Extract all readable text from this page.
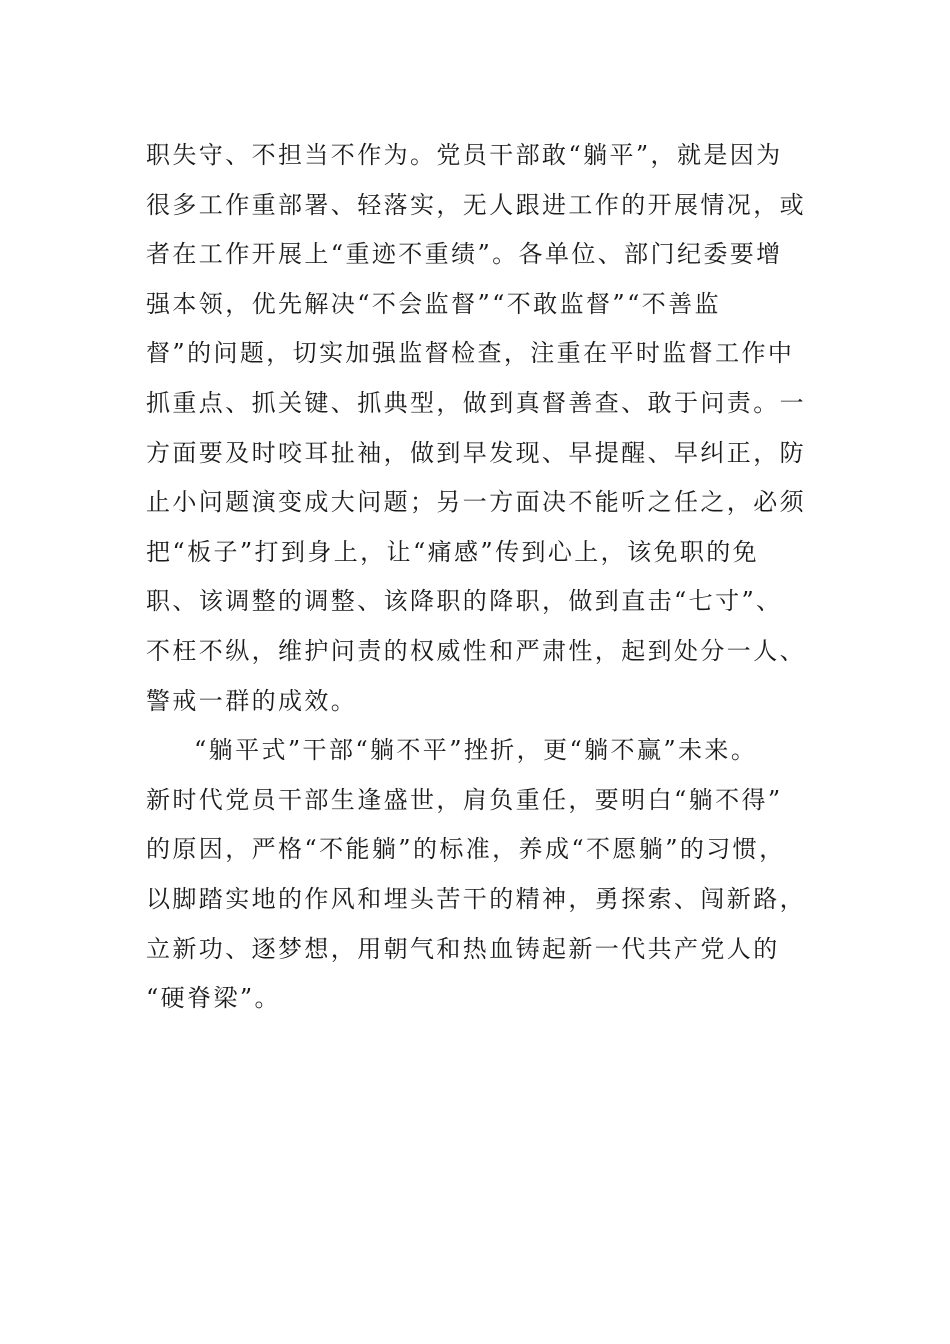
职失守、不担当不作为。党员干部敢“躺平”，就是因为
很多工作重部署、轻落实，无人跟进工作的开展情况，或
者在工作开展上“重迹不重绩”。各单位、部门纪委要增
强本领，优先解决“不会监督”“不敢监督”“不善监
督”的问题，切实加强监督检查，注重在平时监督工作中
抓重点、抓关键、抓典型，做到真督善查、敢于问责。一
方面要及时咬耳扯袖，做到早发现、早提醒、早纠正，防
止小问题演变成大问题；另一方面决不能听之任之，必须
把“板子”打到身上，让“痛感”传到心上，该免职的免
职、该调整的调整、该降职的降职，做到直击“七寸”、
不枉不纵，维护问责的权威性和严肃性，起到处分一人、
警戒一群的成效。
“躺平式”干部“躺不平”挫折，更“躺不赢”未来。
新时代党员干部生逢盛世，肩负重任，要明白“躺不得”
的原因，严格“不能躺”的标准，养成“不愿躺”的习惯，
以脚踏实地的作风和埋头苦干的精神，勇探索、闯新路，
立新功、逐梦想，用朝气和热血铸起新一代共产党人的
“硬脊梁”。
